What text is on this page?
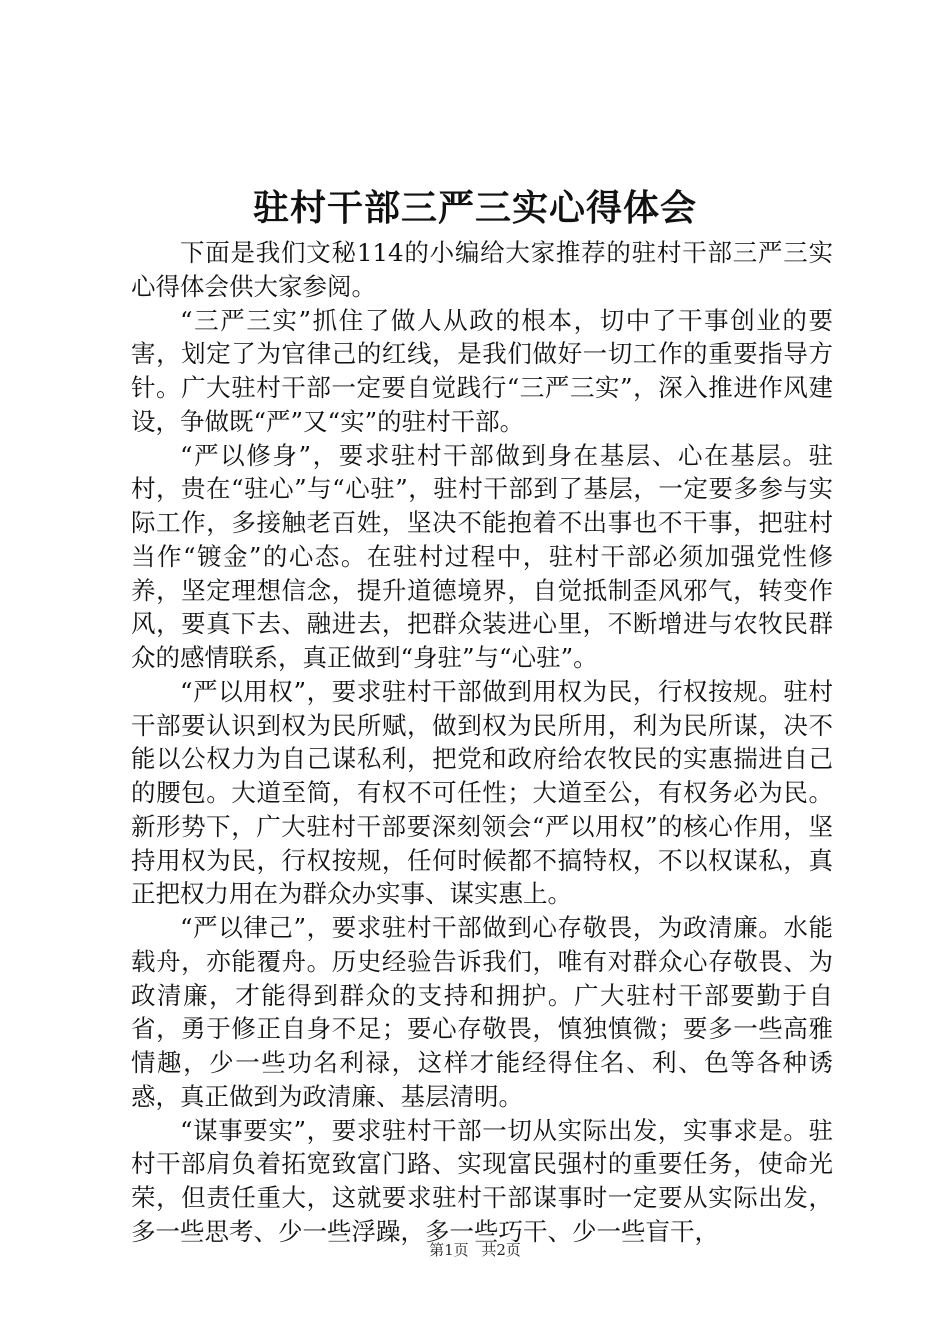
驻村干部三严三实心得体会

下面是我们文秘114的小编给大家推荐的驻村干部三严三实心得体会供大家参阅。

“三严三实”抓住了做人从政的根本，切中了干事创业的要害，划定了为官律己的红线，是我们做好一切工作的重要指导方针。广大驻村干部一定要自觉践行“三严三实”，深入推进作风建设，争做既“严”又“实”的驻村干部。

“严以修身”，要求驻村干部做到身在基层、心在基层。驻村，贵在“驻心”与“心驻”，驻村干部到了基层，一定要多参与实际工作，多接触老百姓，坚决不能抱着不出事也不干事，把驻村当作“镀金”的心态。在驻村过程中，驻村干部必须加强党性修养，坚定理想信念，提升道德境界，自觉抵制歪风邪气，转变作风，要真下去、融进去，把群众装进心里，不断增进与农牧民群众的感情联系，真正做到“身驻”与“心驻”。

“严以用权”，要求驻村干部做到用权为民，行权按规。驻村干部要认识到权为民所赋，做到权为民所用，利为民所谋，决不能以公权力为自己谋私利，把党和政府给农牧民的实惠揣进自己的腰包。大道至简，有权不可任性；大道至公，有权务必为民。新形势下，广大驻村干部要深刻领会“严以用权”的核心作用，坚持用权为民，行权按规，任何时候都不搞特权，不以权谋私，真正把权力用在为群众办实事、谋实惠上。

“严以律己”，要求驻村干部做到心存敬畏，为政清廉。水能载舟，亦能覆舟。历史经验告诉我们，唯有对群众心存敬畏、为政清廉，才能得到群众的支持和拥护。广大驻村干部要勤于自省，勇于修正自身不足；要心存敬畏，慎独慎微；要多一些高雅情趣，少一些功名利禄，这样才能经得住名、利、色等各种诱惑，真正做到为政清廉、基层清明。

“谋事要实”，要求驻村干部一切从实际出发，实事求是。驻村干部肩负着拓宽致富门路、实现富民强村的重要任务，使命光荣，但责任重大，这就要求驻村干部谋事时一定要从实际出发，多一些思考、少一些浮躁，多一些巧干、少一些盲干，

第1页 共2页
